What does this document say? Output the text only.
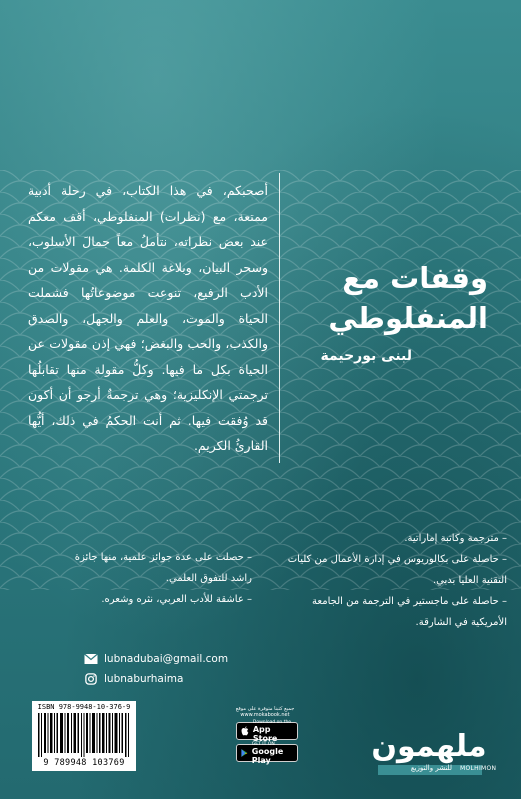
وقفات مع
المنفلوطي
لبنى بورحيمة
أصحبكم، في هذا الكتاب، في رحلة أدبية ممتعة، مع (نظرات) المنفلوطي، أقف معكم عند بعض نظراته، نتأملُ معاً جمالَ الأسلوب، وسحر البيان، وبلاغة الكلمة. هي مقولات من الأدب الرفيع، تنوعت موضوعاتُها فشملت الحياة والموت، والعلم والجهل، والصدق والكذب، والحب والبغض؛ فهي إذن مقولات عن الحياة بكل ما فيها. وكلُّ مقولة منها تقابلُها ترجمتي الإنكليزية؛ وهي ترجمةٌ أرجو أن أكون قد وُفقت فيها. ثم أنت الحكمُ في ذلك، أيُّها القارئُ الكريم.

– مترجمة وكاتبة إماراتية.

– حاصلة على بكالوريوس في إدارة الأعمال من كليات التقنية العليا بدبي.

– حاصلة على ماجستير في الترجمة من الجامعة الأمريكية في الشارقة.

– حصلت على عدة جوائز علمية، منها جائزة راشد للتفوق العلمي.

– عاشقة للأدب العربي، نثره وشعره.

lubnadubai@gmail.com
lubnaburhaima
ISBN 978-9948-10-376-9
9 789948 103769
جميع كتبنا متوفرة على موقع
www.mokabook.net
Download on the
App Store
GET IT ON
Google Play	ملهمون
للنشر والتوزيع MOLHIMON
